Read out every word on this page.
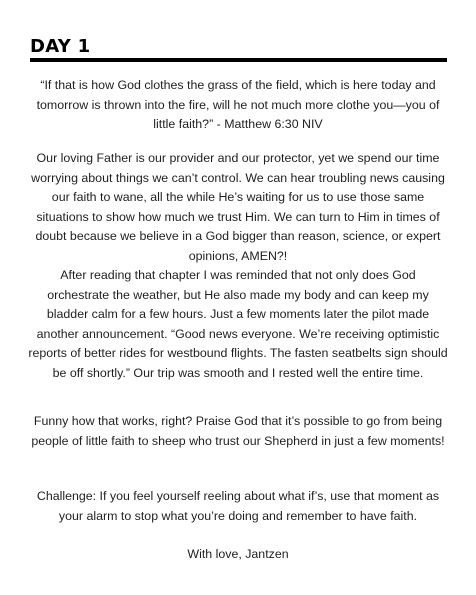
DAY 1

“If that is how God clothes the grass of the field, which is here today and tomorrow is thrown into the fire, will he not much more clothe you—you of little faith?” - Matthew 6:30 NIV

Our loving Father is our provider and our protector, yet we spend our time worrying about things we can’t control. We can hear troubling news causing our faith to wane, all the while He’s waiting for us to use those same situations to show how much we trust Him. We can turn to Him in times of doubt because we believe in a God bigger than reason, science, or expert opinions, AMEN?!

After reading that chapter I was reminded that not only does God orchestrate the weather, but He also made my body and can keep my bladder calm for a few hours. Just a few moments later the pilot made another announcement. “Good news everyone. We’re receiving optimistic reports of better rides for westbound flights. The fasten seatbelts sign should be off shortly.” Our trip was smooth and I rested well the entire time.

Funny how that works, right? Praise God that it’s possible to go from being people of little faith to sheep who trust our Shepherd in just a few moments!

Challenge: If you feel yourself reeling about what if’s, use that moment as your alarm to stop what you’re doing and remember to have faith.

With love, Jantzen
